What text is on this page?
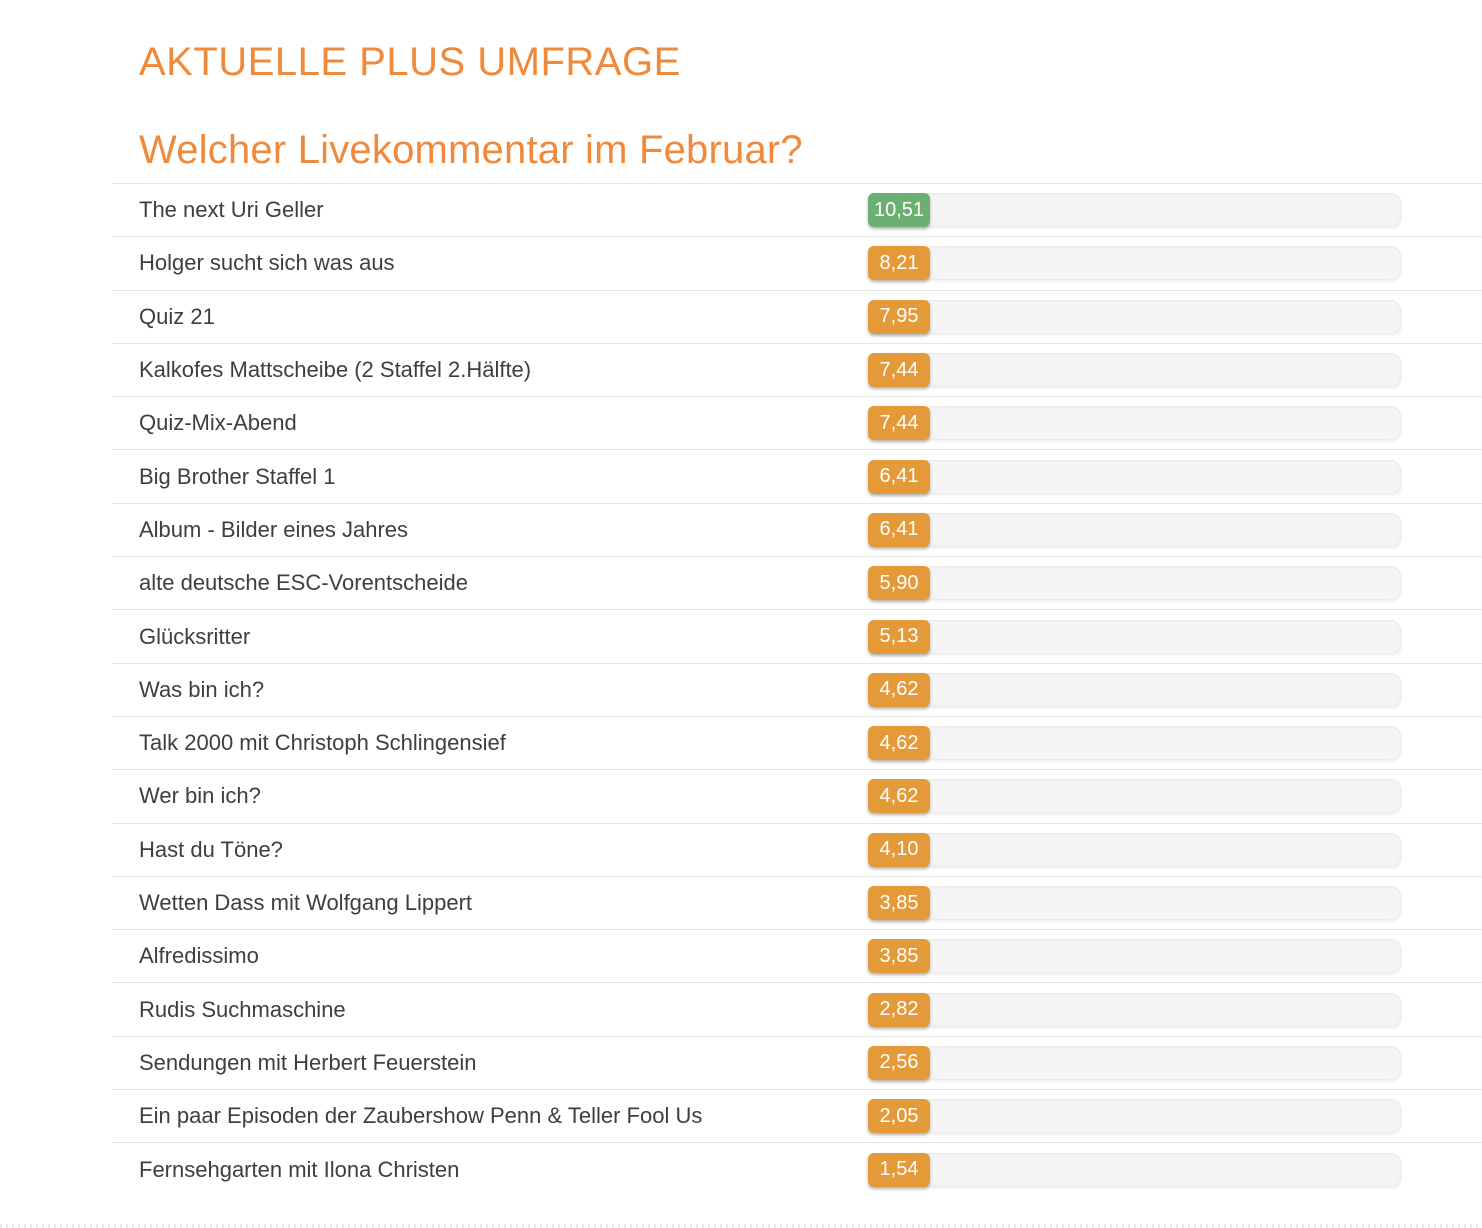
AKTUELLE PLUS UMFRAGE
Welcher Livekommentar im Februar?
The next Uri Geller	10,51
Holger sucht sich was aus	8,21
Quiz 21	7,95
Kalkofes Mattscheibe (2 Staffel 2.Hälfte)	7,44
Quiz-Mix-Abend	7,44
Big Brother Staffel 1	6,41
Album - Bilder eines Jahres	6,41
alte deutsche ESC-Vorentscheide	5,90
Glücksritter	5,13
Was bin ich?	4,62
Talk 2000 mit Christoph Schlingensief	4,62
Wer bin ich?	4,62
Hast du Töne?	4,10
Wetten Dass mit Wolfgang Lippert	3,85
Alfredissimo	3,85
Rudis Suchmaschine	2,82
Sendungen mit Herbert Feuerstein	2,56
Ein paar Episoden der Zaubershow Penn & Teller Fool Us	2,05
Fernsehgarten mit Ilona Christen	1,54
